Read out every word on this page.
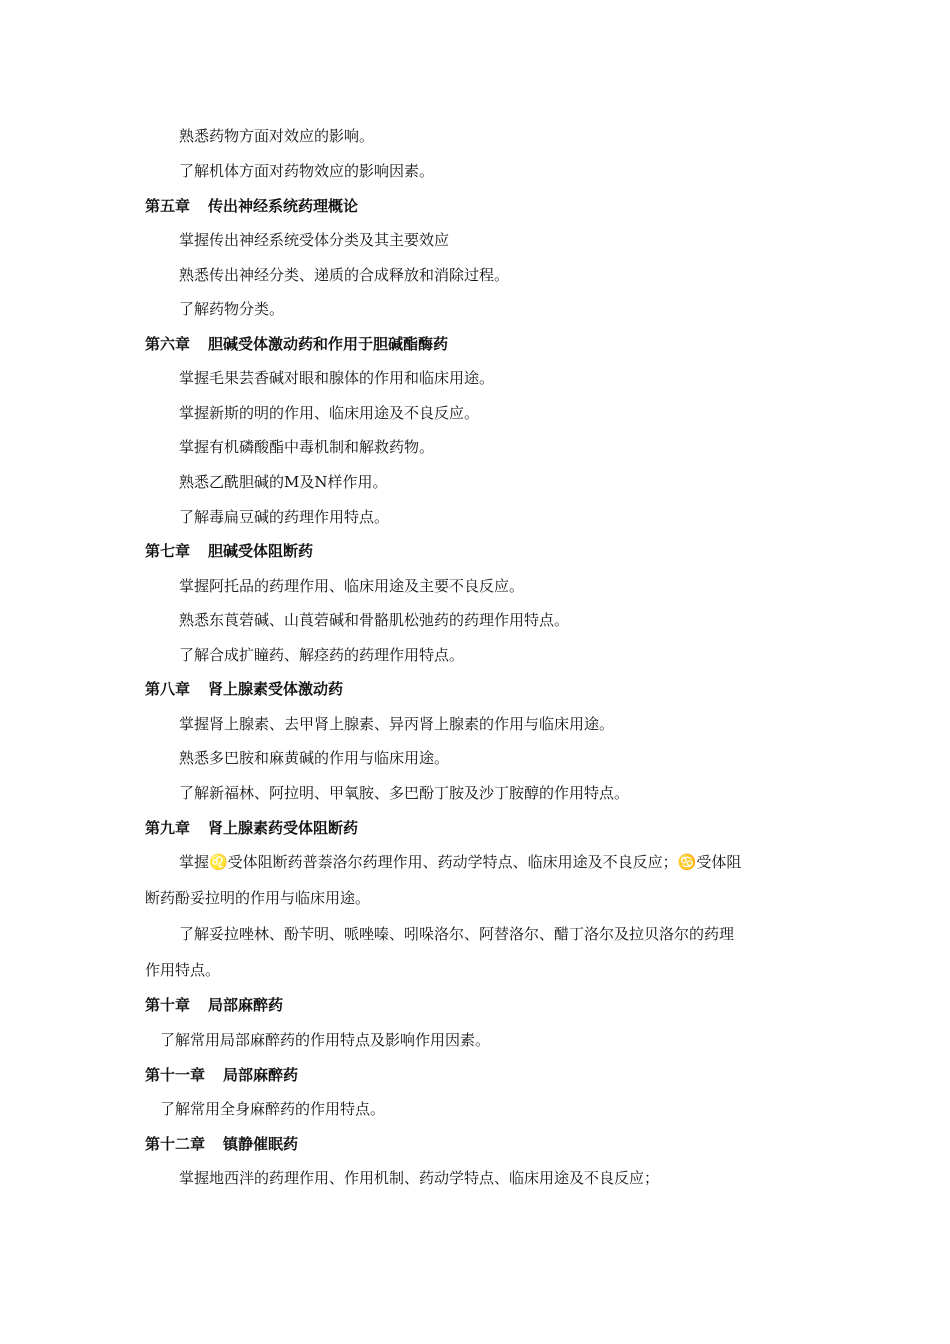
熟悉药物方面对效应的影响。
了解机体方面对药物效应的影响因素。
第五章 传出神经系统药理概论
掌握传出神经系统受体分类及其主要效应
熟悉传出神经分类、递质的合成释放和消除过程。
了解药物分类。
第六章 胆碱受体激动药和作用于胆碱酯酶药
掌握毛果芸香碱对眼和腺体的作用和临床用途。
掌握新斯的明的作用、临床用途及不良反应。
掌握有机磷酸酯中毒机制和解救药物。
熟悉乙酰胆碱的M及N样作用。
了解毒扁豆碱的药理作用特点。
第七章 胆碱受体阻断药
掌握阿托品的药理作用、临床用途及主要不良反应。
熟悉东莨菪碱、山莨菪碱和骨骼肌松弛药的药理作用特点。
了解合成扩瞳药、解痉药的药理作用特点。
第八章 肾上腺素受体激动药
掌握肾上腺素、去甲肾上腺素、异丙肾上腺素的作用与临床用途。
熟悉多巴胺和麻黄碱的作用与临床用途。
了解新福林、阿拉明、甲氧胺、多巴酚丁胺及沙丁胺醇的作用特点。
第九章 肾上腺素药受体阻断药
掌握♌受体阻断药普萘洛尔药理作用、药动学特点、临床用途及不良反应；♋受体阻
断药酚妥拉明的作用与临床用途。
了解妥拉唑林、酚苄明、哌唑嗪、吲哚洛尔、阿替洛尔、醋丁洛尔及拉贝洛尔的药理
作用特点。
第十章 局部麻醉药
了解常用局部麻醉药的作用特点及影响作用因素。
第十一章 局部麻醉药
了解常用全身麻醉药的作用特点。
第十二章 镇静催眠药
掌握地西泮的药理作用、作用机制、药动学特点、临床用途及不良反应；
